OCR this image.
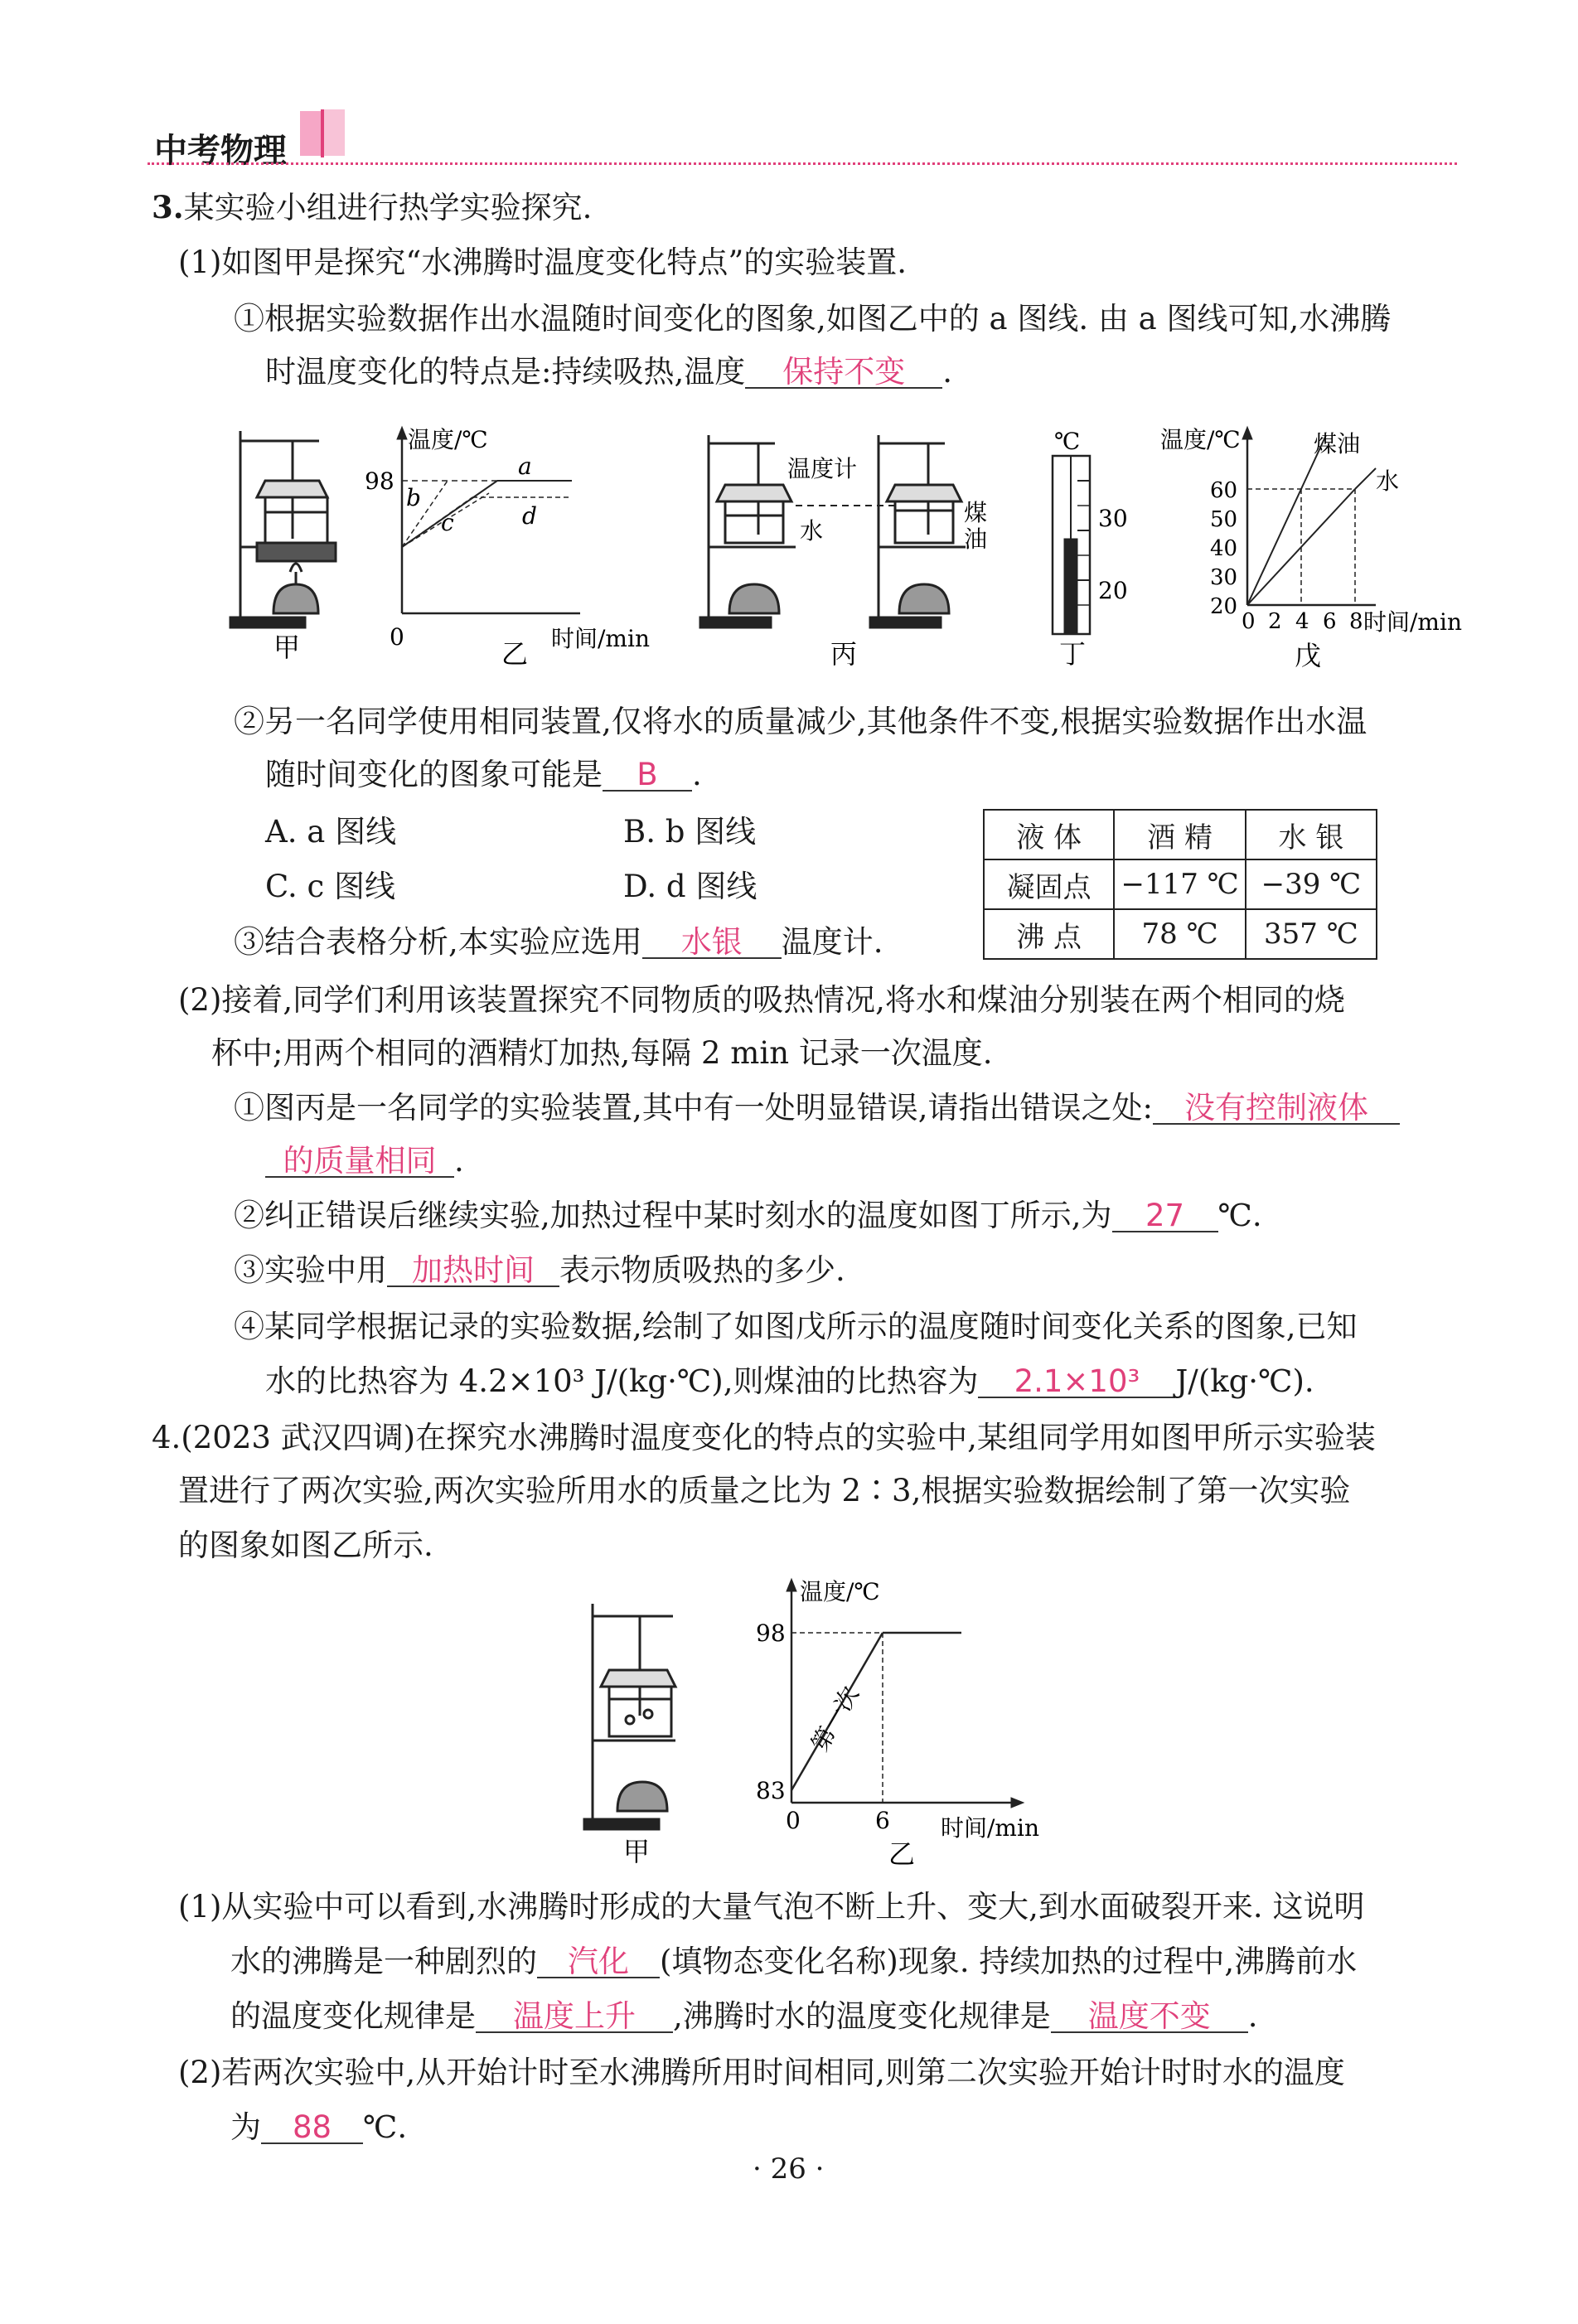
中考物理
3.某实验小组进行热学实验探究.
(1)如图甲是探究“水沸腾时温度变化特点”的实验装置.
①根据实验数据作出水温随时间变化的图象,如图乙中的 a 图线. 由 a 图线可知,水沸腾
时温度变化的特点是:持续吸热,温度 保持不变 .
甲
温度/℃
98
a
b
c	d
0	时间/min
乙
温度计
水
煤
油
丙
℃
30
20
丁
温度/℃	煤油
水
60
50
40
30
20
0 2 4 6 8 时间/min
戊
②另一名同学使用相同装置,仅将水的质量减少,其他条件不变,根据实验数据作出水温
随时间变化的图象可能是 B .
A. a 图线	B. b 图线
C. c 图线	D. d 图线
液 体	酒 精	水 银
凝固点	−117 ℃	−39 ℃
沸 点	78 ℃	357 ℃
③结合表格分析,本实验应选用 水银 温度计.
(2)接着,同学们利用该装置探究不同物质的吸热情况,将水和煤油分别装在两个相同的烧
杯中;用两个相同的酒精灯加热,每隔 2 min 记录一次温度.
①图丙是一名同学的实验装置,其中有一处明显错误,请指出错误之处: 没有控制液体
的质量相同 .
②纠正错误后继续实验,加热过程中某时刻水的温度如图丁所示,为 27 ℃.
③实验中用 加热时间 表示物质吸热的多少.
④某同学根据记录的实验数据,绘制了如图戊所示的温度随时间变化关系的图象,已知
水的比热容为 4.2×10³ J/(kg·℃),则煤油的比热容为 2.1×10³ J/(kg·℃).
4.(2023 武汉四调)在探究水沸腾时温度变化的特点的实验中,某组同学用如图甲所示实验装
置进行了两次实验,两次实验所用水的质量之比为 2∶3,根据实验数据绘制了第一次实验
的图象如图乙所示.
甲
温度/℃
98
83
0	6 时间/min
第一次
乙
(1)从实验中可以看到,水沸腾时形成的大量气泡不断上升、变大,到水面破裂开来. 这说明
水的沸腾是一种剧烈的 汽化 (填物态变化名称)现象. 持续加热的过程中,沸腾前水
的温度变化规律是 温度上升 ,沸腾时水的温度变化规律是 温度不变 .
(2)若两次实验中,从开始计时至水沸腾所用时间相同,则第二次实验开始计时时水的温度
为 88 ℃.
· 26 ·
